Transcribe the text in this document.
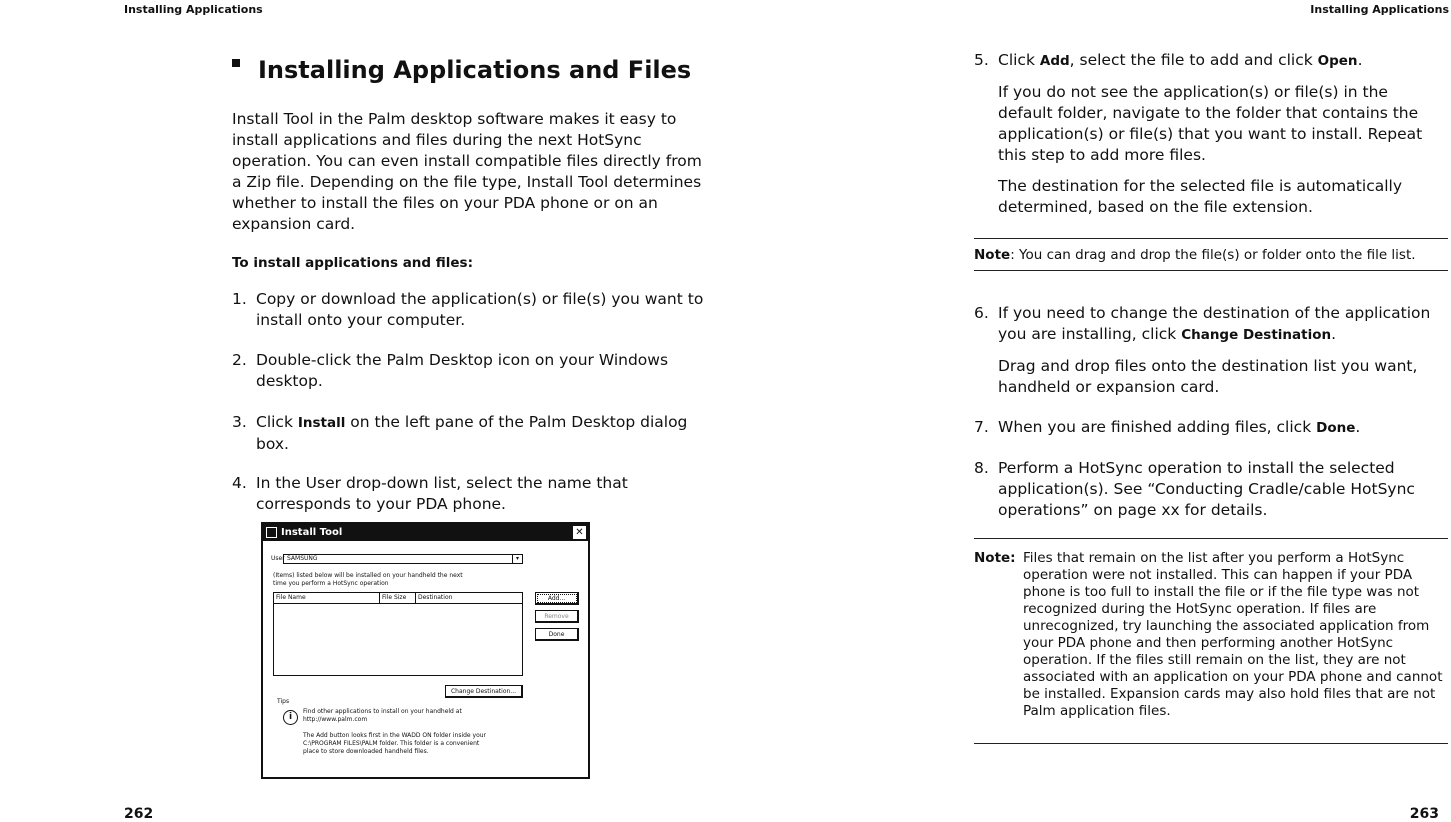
Installing Applications	Installing Applications
262	263
Installing Applications and Files
Install Tool in the Palm desktop software makes it easy to install applications and files during the next HotSync operation. You can even install compatible files directly from a Zip file. Depending on the file type, Install Tool determines whether to install the files on your PDA phone or on an expansion card.
To install applications and files:
1. Copy or download the application(s) or file(s) you want to install onto your computer.
2. Double-click the Palm Desktop icon on your Windows desktop.
3. Click Install on the left pane of the Palm Desktop dialog box.
4. In the User drop-down list, select the name that corresponds to your PDA phone.
Install Tool	✕
User SAMSUNG	▾
(Items) listed below will be installed on your handheld the next
time you perform a HotSync operation
File Name	File Size	Destination	Add...
Remove
Done
Change Destination...
Tips
i
Find other applications to install on your handheld at
http://www.palm.com
The Add button looks first in the WADD ON folder inside your
C:\PROGRAM FILES\PALM folder. This folder is a convenient
place to store downloaded handheld files.
5. Click Add, select the file to add and click Open.
If you do not see the application(s) or file(s) in the default folder, navigate to the folder that contains the application(s) or file(s) that you want to install. Repeat this step to add more files.
The destination for the selected file is automatically determined, based on the file extension.
Note: You can drag and drop the file(s) or folder onto the file list.
6. If you need to change the destination of the application you are installing, click Change Destination.
Drag and drop files onto the destination list you want, handheld or expansion card.
7. When you are finished adding files, click Done.
8. Perform a HotSync operation to install the selected application(s). See “Conducting Cradle/cable HotSync operations” on page xx for details.
Note: Files that remain on the list after you perform a HotSync operation were not installed. This can happen if your PDA phone is too full to install the file or if the file type was not recognized during the HotSync operation. If files are unrecognized, try launching the associated application from your PDA phone and then performing another HotSync operation. If the files still remain on the list, they are not associated with an application on your PDA phone and cannot be installed. Expansion cards may also hold files that are not Palm application files.
